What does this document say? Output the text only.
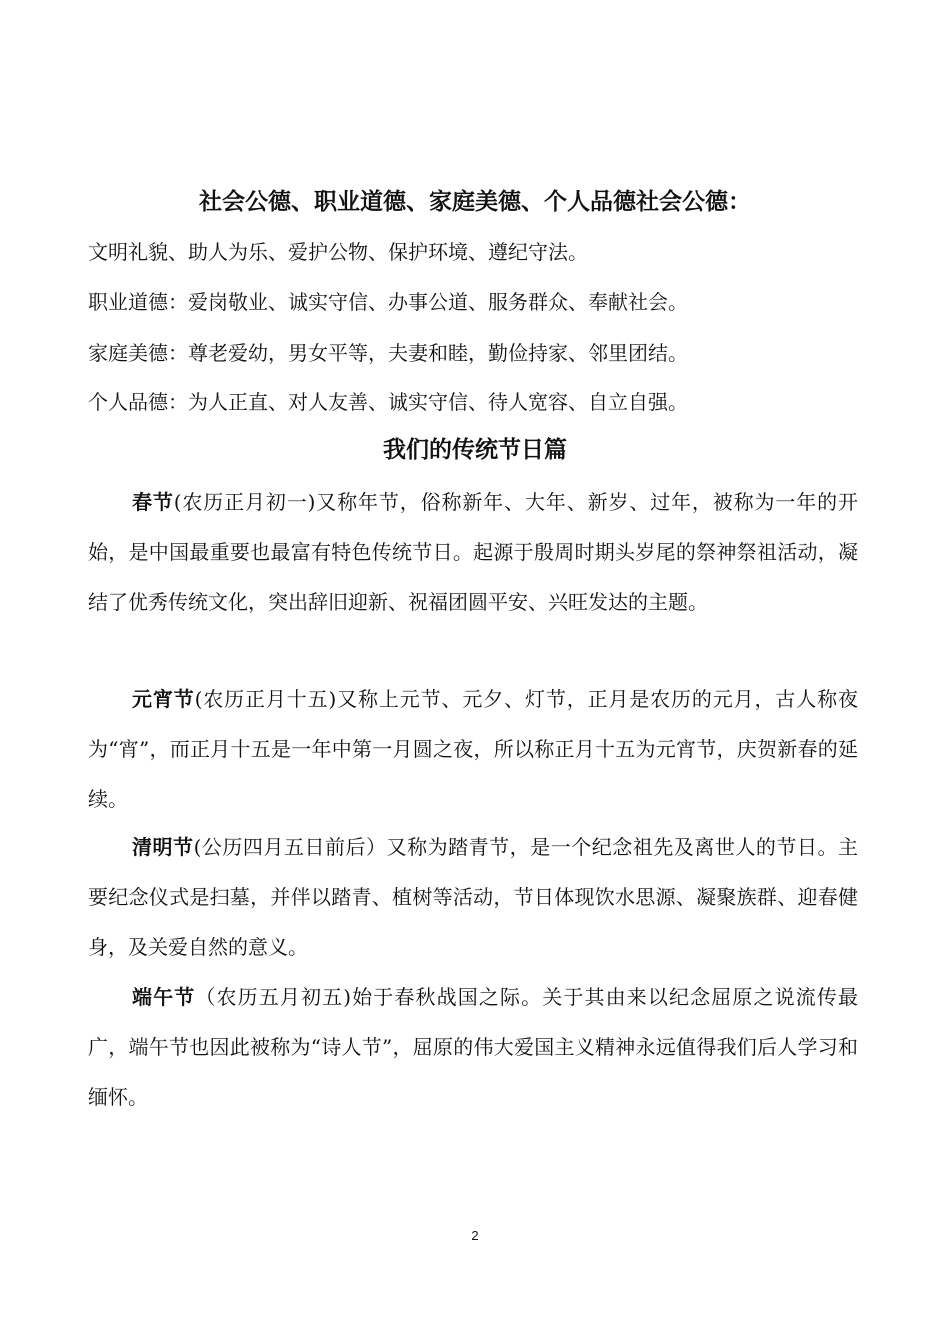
社会公德、职业道德、家庭美德、个人品德社会公德：
文明礼貌、助人为乐、爱护公物、保护环境、遵纪守法。
职业道德：爱岗敬业、诚实守信、办事公道、服务群众、奉献社会。
家庭美德：尊老爱幼，男女平等，夫妻和睦，勤俭持家、邻里团结。
个人品德：为人正直、对人友善、诚实守信、待人宽容、自立自强。
我们的传统节日篇

春节(农历正月初一)又称年节，俗称新年、大年、新岁、过年，被称为一年的开始，是中国最重要也最富有特色传统节日。起源于殷周时期头岁尾的祭神祭祖活动，凝结了优秀传统文化，突出辞旧迎新、祝福团圆平安、兴旺发达的主题。

元宵节(农历正月十五)又称上元节、元夕、灯节，正月是农历的元月，古人称夜为“宵”，而正月十五是一年中第一月圆之夜，所以称正月十五为元宵节，庆贺新春的延续。

清明节(公历四月五日前后）又称为踏青节，是一个纪念祖先及离世人的节日。主要纪念仪式是扫墓，并伴以踏青、植树等活动，节日体现饮水思源、凝聚族群、迎春健身，及关爱自然的意义。

端午节（农历五月初五)始于春秋战国之际。关于其由来以纪念屈原之说流传最广，端午节也因此被称为“诗人节”，屈原的伟大爱国主义精神永远值得我们后人学习和缅怀。

2
